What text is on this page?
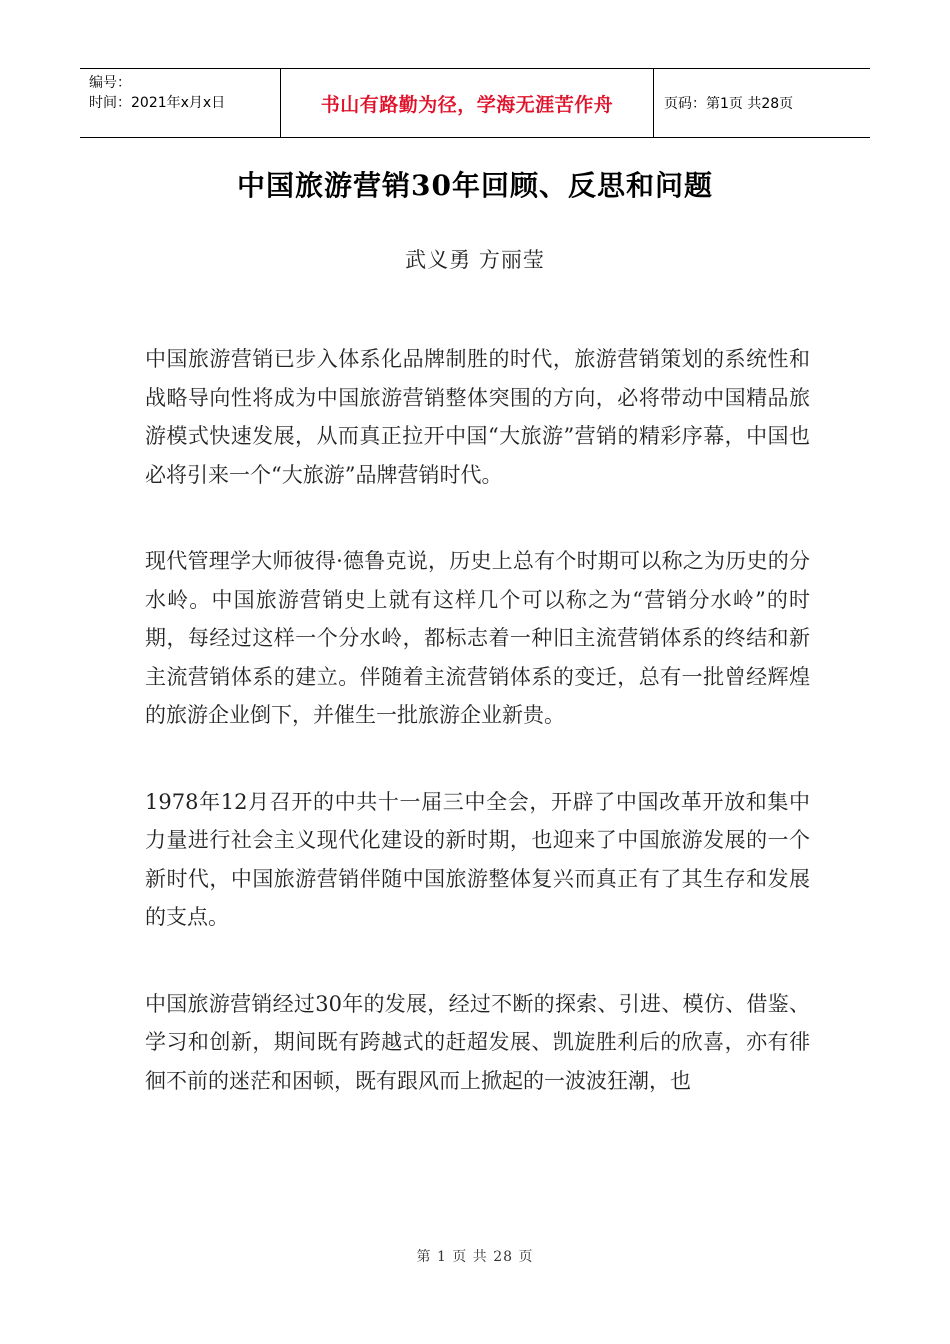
编号：
时间：2021年x月x日	书山有路勤为径，学海无涯苦作舟	页码：第1页 共28页
中国旅游营销30年回顾、反思和问题
武义勇 方丽莹

中国旅游营销已步入体系化品牌制胜的时代，旅游营销策划的系统性和战略导向性将成为中国旅游营销整体突围的方向，必将带动中国精品旅游模式快速发展，从而真正拉开中国“大旅游”营销的精彩序幕，中国也必将引来一个“大旅游”品牌营销时代。

现代管理学大师彼得·德鲁克说，历史上总有个时期可以称之为历史的分水岭。中国旅游营销史上就有这样几个可以称之为“营销分水岭”的时期，每经过这样一个分水岭，都标志着一种旧主流营销体系的终结和新主流营销体系的建立。伴随着主流营销体系的变迁，总有一批曾经辉煌的旅游企业倒下，并催生一批旅游企业新贵。

1978年12月召开的中共十一届三中全会，开辟了中国改革开放和集中力量进行社会主义现代化建设的新时期，也迎来了中国旅游发展的一个新时代，中国旅游营销伴随中国旅游整体复兴而真正有了其生存和发展的支点。

中国旅游营销经过30年的发展，经过不断的探索、引进、模仿、借鉴、学习和创新，期间既有跨越式的赶超发展、凯旋胜利后的欣喜，亦有徘徊不前的迷茫和困顿，既有跟风而上掀起的一波波狂潮，也

第 1 页 共 28 页
